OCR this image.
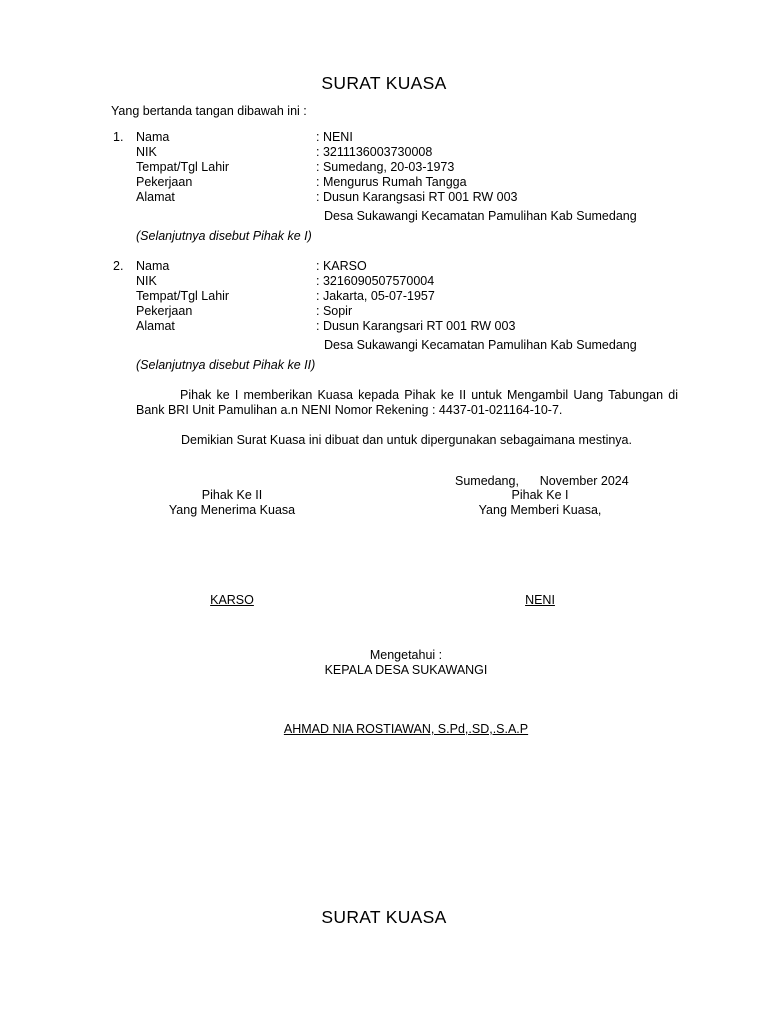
SURAT KUASA
Yang bertanda tangan dibawah ini :
1. Nama	: NENI
NIK	: 3211136003730008
Tempat/Tgl Lahir	: Sumedang, 20-03-1973
Pekerjaan	: Mengurus Rumah Tangga
Alamat	: Dusun Karangsasi RT 001 RW 003
Desa Sukawangi Kecamatan Pamulihan Kab Sumedang
(Selanjutnya disebut Pihak ke I)
2. Nama	: KARSO
NIK	: 3216090507570004
Tempat/Tgl Lahir	: Jakarta, 05-07-1957
Pekerjaan	: Sopir
Alamat	: Dusun Karangsari RT 001 RW 003
Desa Sukawangi Kecamatan Pamulihan Kab Sumedang
(Selanjutnya disebut Pihak ke II)
Pihak ke I memberikan Kuasa kepada Pihak ke II untuk Mengambil Uang Tabungan di Bank BRI Unit Pamulihan a.n NENI Nomor Rekening : 4437-01-021164-10-7.
Demikian Surat Kuasa ini dibuat dan untuk dipergunakan sebagaimana mestinya.
Sumedang,      November 2024
Pihak Ke II
Yang Menerima Kuasa
KARSO
Pihak Ke I
Yang Memberi Kuasa,
NENI
Mengetahui :
KEPALA DESA SUKAWANGI
AHMAD NIA ROSTIAWAN, S.Pd,.SD,.S.A.P
SURAT KUASA
